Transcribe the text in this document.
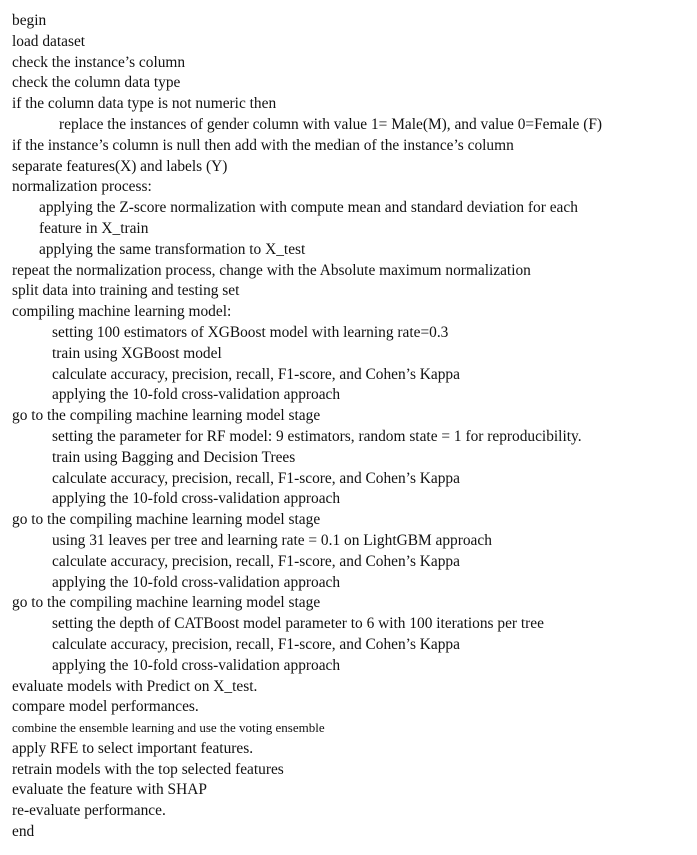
begin
load dataset
check the instance’s column
check the column data type
if the column data type is not numeric then
replace the instances of gender column with value 1= Male(M), and value 0=Female (F)
if the instance’s column is null then add with the median of the instance’s column
separate features(X) and labels (Y)
normalization process:
applying the Z-score normalization with compute mean and standard deviation for each
feature in X_train
applying the same transformation to X_test
repeat the normalization process, change with the Absolute maximum normalization
split data into training and testing set
compiling machine learning model:
setting 100 estimators of XGBoost model with learning rate=0.3
train using XGBoost model
calculate accuracy, precision, recall, F1-score, and Cohen’s Kappa
applying the 10-fold cross-validation approach
go to the compiling machine learning model stage
setting the parameter for RF model: 9 estimators, random state = 1 for reproducibility.
train using Bagging and Decision Trees
calculate accuracy, precision, recall, F1-score, and Cohen’s Kappa
applying the 10-fold cross-validation approach
go to the compiling machine learning model stage
using 31 leaves per tree and learning rate = 0.1 on LightGBM approach
calculate accuracy, precision, recall, F1-score, and Cohen’s Kappa
applying the 10-fold cross-validation approach
go to the compiling machine learning model stage
setting the depth of CATBoost model parameter to 6 with 100 iterations per tree
calculate accuracy, precision, recall, F1-score, and Cohen’s Kappa
applying the 10-fold cross-validation approach
evaluate models with Predict on X_test.
compare model performances.
combine the ensemble learning and use the voting ensemble
apply RFE to select important features.
retrain models with the top selected features
evaluate the feature with SHAP
re-evaluate performance.
end
